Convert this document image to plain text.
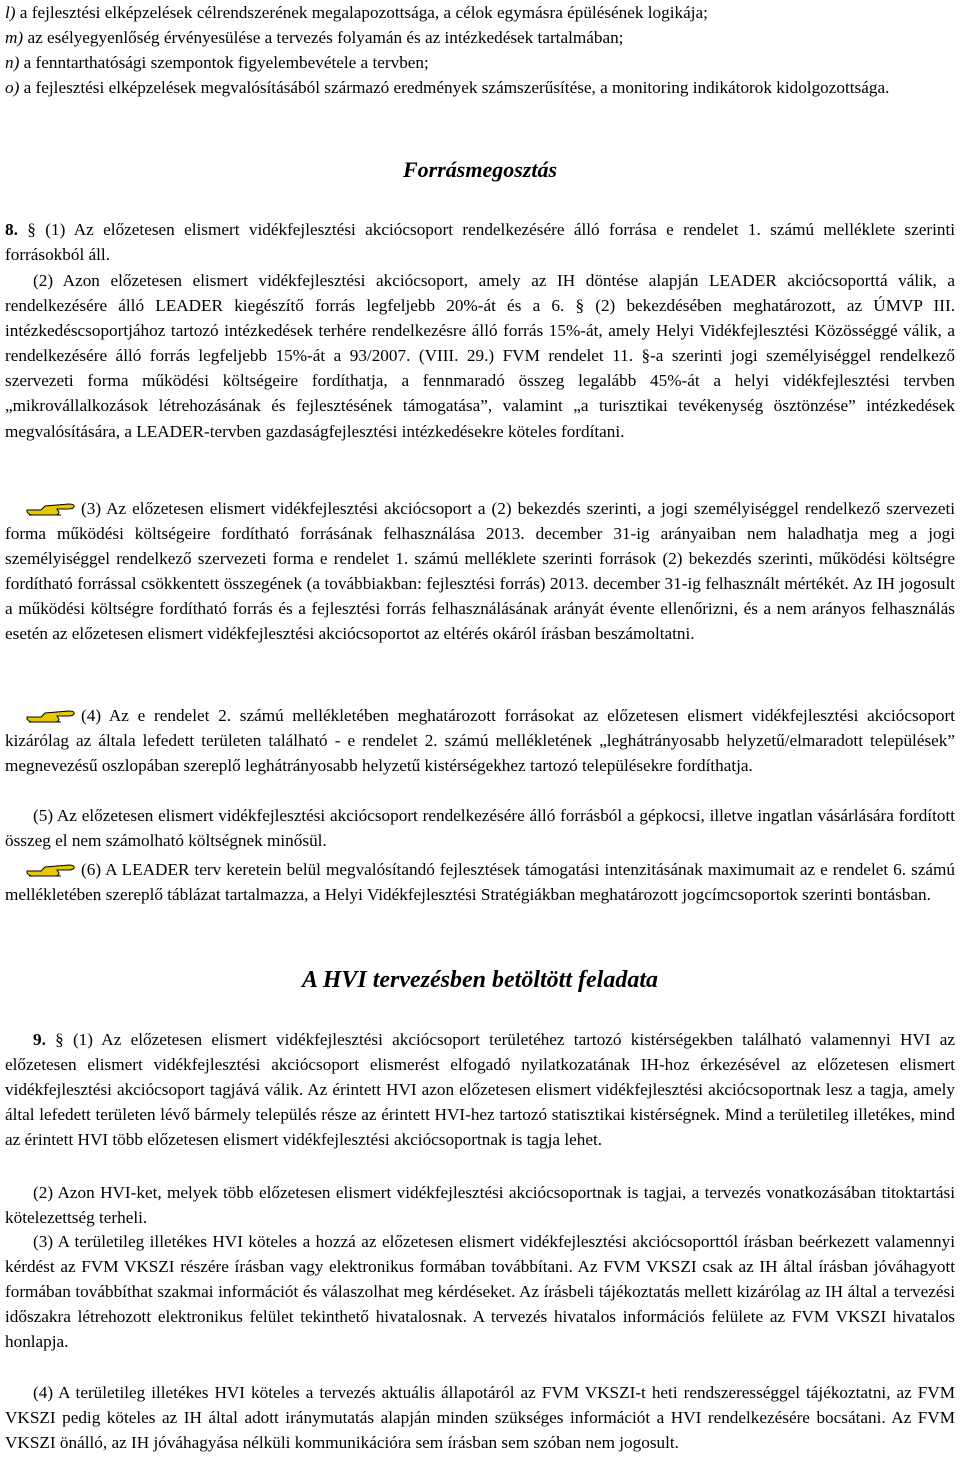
l) a fejlesztési elképzelések célrendszerének megalapozottsága, a célok egymásra épülésének logikája;
m) az esélyegyenlőség érvényesülése a tervezés folyamán és az intézkedések tartalmában;
n) a fenntarthatósági szempontok figyelembevétele a tervben;
o) a fejlesztési elképzelések megvalósításából származó eredmények számszerűsítése, a monitoring indikátorok kidolgozottsága.

Forrásmegosztás

8. § (1) Az előzetesen elismert vidékfejlesztési akciócsoport rendelkezésére álló forrása e rendelet 1. számú melléklete szerinti forrásokból áll.

(2) Azon előzetesen elismert vidékfejlesztési akciócsoport, amely az IH döntése alapján LEADER akciócsoporttá válik, a rendelkezésére álló LEADER kiegészítő forrás legfeljebb 20%-át és a 6. § (2) bekezdésében meghatározott, az ÚMVP III. intézkedéscsoportjához tartozó intézkedések terhére rendelkezésre álló forrás 15%-át, amely Helyi Vidékfejlesztési Közösséggé válik, a rendelkezésére álló forrás legfeljebb 15%-át a 93/2007. (VIII. 29.) FVM rendelet 11. §-a szerinti jogi személyiséggel rendelkező szervezeti forma működési költségeire fordíthatja, a fennmaradó összeg legalább 45%-át a helyi vidékfejlesztési tervben „mikrovállalkozások létrehozásának és fejlesztésének támogatása”, valamint „a turisztikai tevékenység ösztönzése” intézkedések megvalósítására, a LEADER-tervben gazdaságfejlesztési intézkedésekre köteles fordítani.

(3) Az előzetesen elismert vidékfejlesztési akciócsoport a (2) bekezdés szerinti, a jogi személyiséggel rendelkező szervezeti forma működési költségeire fordítható forrásának felhasználása 2013. december 31-ig arányaiban nem haladhatja meg a jogi személyiséggel rendelkező szervezeti forma e rendelet 1. számú melléklete szerinti források (2) bekezdés szerinti, működési költségre fordítható forrással csökkentett összegének (a továbbiakban: fejlesztési forrás) 2013. december 31-ig felhasznált mértékét. Az IH jogosult a működési költségre fordítható forrás és a fejlesztési forrás felhasználásának arányát évente ellenőrizni, és a nem arányos felhasználás esetén az előzetesen elismert vidékfejlesztési akciócsoportot az eltérés okáról írásban beszámoltatni.

(4) Az e rendelet 2. számú mellékletében meghatározott forrásokat az előzetesen elismert vidékfejlesztési akciócsoport kizárólag az általa lefedett területen található - e rendelet 2. számú mellékletének „leghátrányosabb helyzetű/elmaradott települések” megnevezésű oszlopában szereplő leghátrányosabb helyzetű kistérségekhez tartozó településekre fordíthatja.

(5) Az előzetesen elismert vidékfejlesztési akciócsoport rendelkezésére álló forrásból a gépkocsi, illetve ingatlan vásárlására fordított összeg el nem számolható költségnek minősül.

(6) A LEADER terv keretein belül megvalósítandó fejlesztések támogatási intenzitásának maximumait az e rendelet 6. számú mellékletében szereplő táblázat tartalmazza, a Helyi Vidékfejlesztési Stratégiákban meghatározott jogcímcsoportok szerinti bontásban.

A HVI tervezésben betöltött feladata

9. § (1) Az előzetesen elismert vidékfejlesztési akciócsoport területéhez tartozó kistérségekben található valamennyi HVI az előzetesen elismert vidékfejlesztési akciócsoport elismerést elfogadó nyilatkozatának IH-hoz érkezésével az előzetesen elismert vidékfejlesztési akciócsoport tagjává válik. Az érintett HVI azon előzetesen elismert vidékfejlesztési akciócsoportnak lesz a tagja, amely által lefedett területen lévő bármely település része az érintett HVI-hez tartozó statisztikai kistérségnek. Mind a területileg illetékes, mind az érintett HVI több előzetesen elismert vidékfejlesztési akciócsoportnak is tagja lehet.

(2) Azon HVI-ket, melyek több előzetesen elismert vidékfejlesztési akciócsoportnak is tagjai, a tervezés vonatkozásában titoktartási kötelezettség terheli.

(3) A területileg illetékes HVI köteles a hozzá az előzetesen elismert vidékfejlesztési akciócsoporttól írásban beérkezett valamennyi kérdést az FVM VKSZI részére írásban vagy elektronikus formában továbbítani. Az FVM VKSZI csak az IH által írásban jóváhagyott formában továbbíthat szakmai információt és válaszolhat meg kérdéseket. Az írásbeli tájékoztatás mellett kizárólag az IH által a tervezési időszakra létrehozott elektronikus felület tekinthető hivatalosnak. A tervezés hivatalos információs felülete az FVM VKSZI hivatalos honlapja.

(4) A területileg illetékes HVI köteles a tervezés aktuális állapotáról az FVM VKSZI-t heti rendszerességgel tájékoztatni, az FVM VKSZI pedig köteles az IH által adott iránymutatás alapján minden szükséges információt a HVI rendelkezésére bocsátani. Az FVM VKSZI önálló, az IH jóváhagyása nélküli kommunikációra sem írásban sem szóban nem jogosult.
